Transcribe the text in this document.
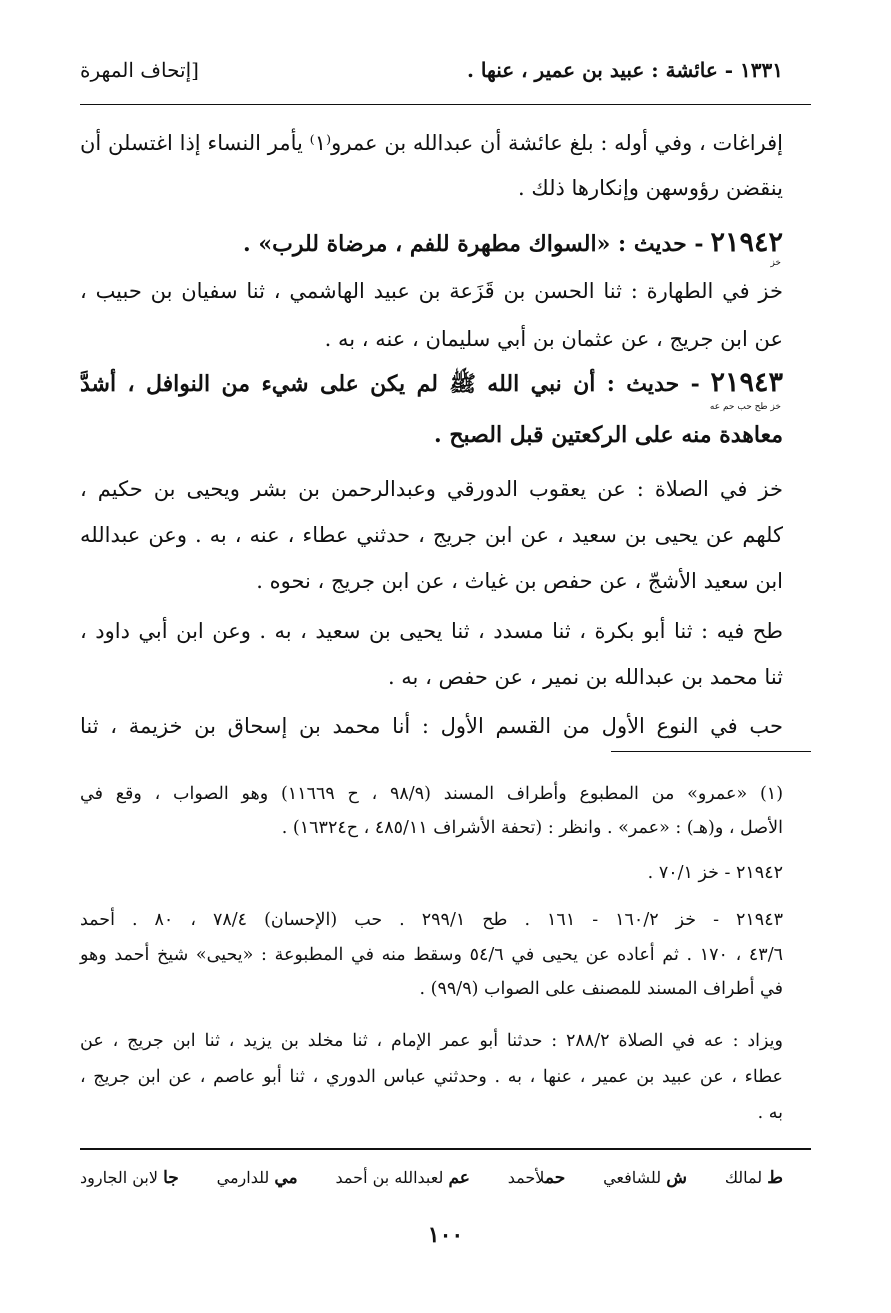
١٣٣١ - عائشة : عبيد بن عمير ، عنها .
[إتحاف المهرة
إفراغات ، وفي أوله : بلغ عائشة أن عبدالله بن عمرو⁽١⁾ يأمر النساء إذا اغتسلن أن
ينقضن رؤوسهن وإنكارها ذلك .
٢١٩٤٢ - حديث : «السواك مطهرة للفم ، مرضاة للرب» .
خز
خز في الطهارة : ثنا الحسن بن قَزَعة بن عبيد الهاشمي ، ثنا سفيان بن حبيب ،
عن ابن جريج ، عن عثمان بن أبي سليمان ، عنه ، به .
٢١٩٤٣ - حديث : أن نبي الله ﷺ لم يكن على شيء من النوافل ، أشدَّ
خز طح حب حم عه
معاهدة منه على الركعتين قبل الصبح .
خز في الصلاة : عن يعقوب الدورقي وعبدالرحمن بن بشر ويحيى بن حكيم ،
كلهم عن يحيى بن سعيد ، عن ابن جريج ، حدثني عطاء ، عنه ، به . وعن عبدالله
ابن سعيد الأشجّ ، عن حفص بن غياث ، عن ابن جريج ، نحوه .
طح فيه : ثنا أبو بكرة ، ثنا مسدد ، ثنا يحيى بن سعيد ، به . وعن ابن أبي داود ،
ثنا محمد بن عبدالله بن نمير ، عن حفص ، به .
حب في النوع الأول من القسم الأول : أنا محمد بن إسحاق بن خزيمة ، ثنا
(١) «عمرو» من المطبوع وأطراف المسند (٩٨/٩ ، ح ١١٦٦٩) وهو الصواب ، وقع في
الأصل ، و(هـ) : «عمر» . وانظر : (تحفة الأشراف ٤٨٥/١١ ، ح١٦٣٢٤) .
٢١٩٤٢ - خز ٧٠/١ .
٢١٩٤٣ - خز ١٦٠/٢ - ١٦١ . طح ٢٩٩/١ . حب (الإحسان) ٧٨/٤ ، ٨٠ . أحمد
٤٣/٦ ، ١٧٠ . ثم أعاده عن يحيى في ٥٤/٦ وسقط منه في المطبوعة : «يحيى» شيخ أحمد وهو
في أطراف المسند للمصنف على الصواب (٩٩/٩) .
ويزاد : عه في الصلاة ٢٨٨/٢ : حدثنا أبو عمر الإمام ، ثنا مخلد بن يزيد ، ثنا ابن جريج ، عن
عطاء ، عن عبيد بن عمير ، عنها ، به . وحدثني عباس الدوري ، ثنا أبو عاصم ، عن ابن جريج ،
به .
ط لمالك
ش للشافعي
حملأحمد
عم لعبدالله بن أحمد
مي للدارمي
جا لابن الجارود
١٠٠
